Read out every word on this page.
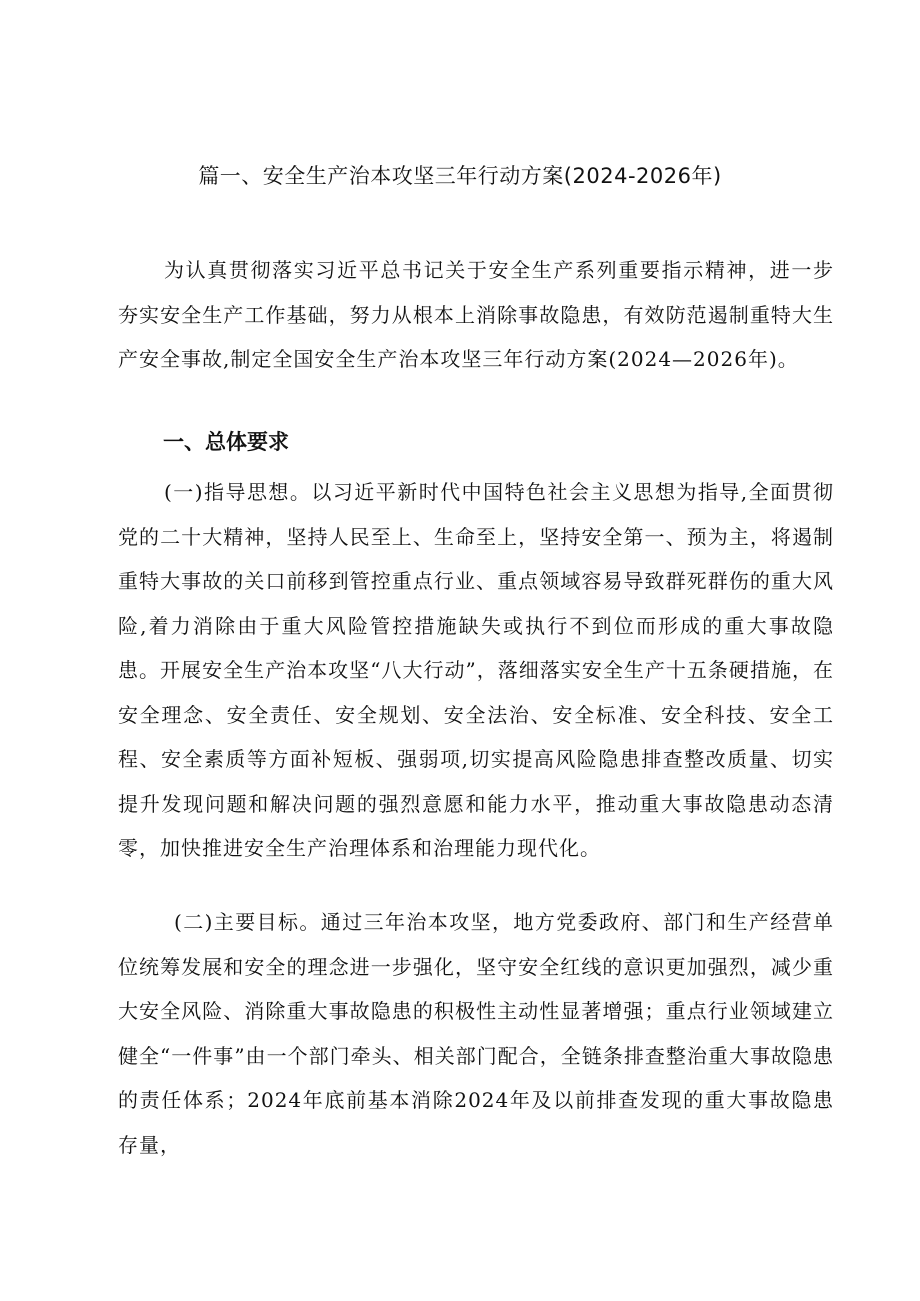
篇一、安全生产治本攻坚三年行动方案(2024-2026年)

为认真贯彻落实习近平总书记关于安全生产系列重要指示精神，进一步夯实安全生产工作基础，努力从根本上消除事故隐患，有效防范遏制重特大生产安全事故,制定全国安全生产治本攻坚三年行动方案(2024—2026年)。

一、总体要求

(一)指导思想。以习近平新时代中国特色社会主义思想为指导,全面贯彻党的二十大精神，坚持人民至上、生命至上，坚持安全第一、预为主，将遏制重特大事故的关口前移到管控重点行业、重点领域容易导致群死群伤的重大风险,着力消除由于重大风险管控措施缺失或执行不到位而形成的重大事故隐患。开展安全生产治本攻坚“八大行动”，落细落实安全生产十五条硬措施，在安全理念、安全责任、安全规划、安全法治、安全标准、安全科技、安全工程、安全素质等方面补短板、强弱项,切实提高风险隐患排查整改质量、切实提升发现问题和解决问题的强烈意愿和能力水平，推动重大事故隐患动态清零，加快推进安全生产治理体系和治理能力现代化。

(二)主要目标。通过三年治本攻坚，地方党委政府、部门和生产经营单位统筹发展和安全的理念进一步强化，坚守安全红线的意识更加强烈，减少重大安全风险、消除重大事故隐患的积极性主动性显著增强；重点行业领域建立健全“一件事”由一个部门牵头、相关部门配合，全链条排查整治重大事故隐患的责任体系；2024年底前基本消除2024年及以前排查发现的重大事故隐患存量，
